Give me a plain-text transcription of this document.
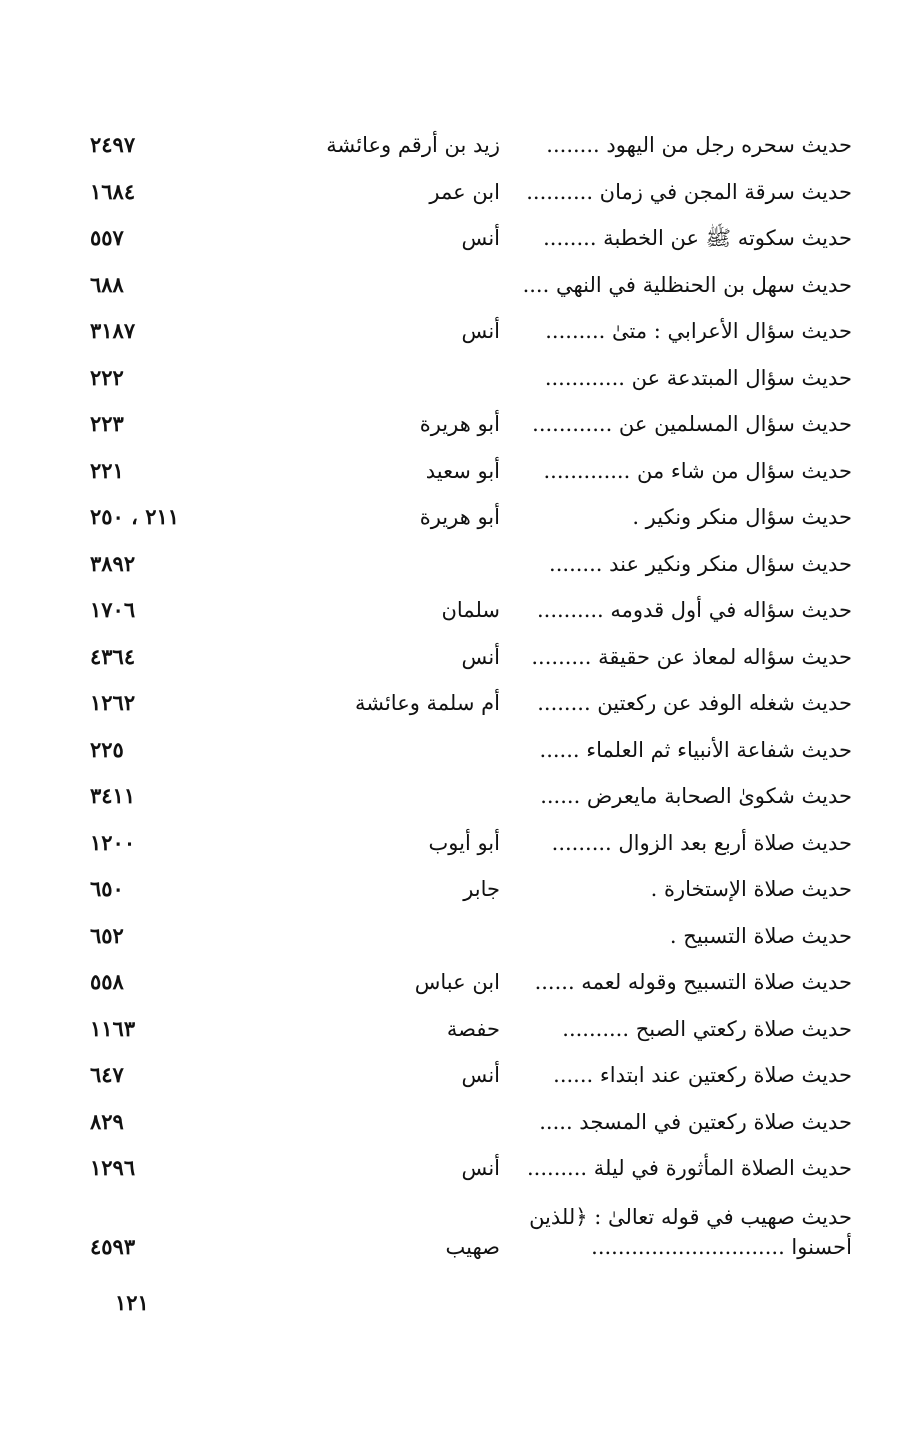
حديث سحره رجل من اليهود ........
زيد بن أرقم وعائشة
٢٤٩٧
حديث سرقة المجن في زمان ..........
ابن عمر
١٦٨٤
حديث سكوته ﷺ عن الخطبة ........
أنس
٥٥٧
حديث سهل بن الحنظلية في النهي ....
٦٨٨
حديث سؤال الأعرابي : متىٰ .........
أنس
٣١٨٧
حديث سؤال المبتدعة عن ............
٢٢٢
حديث سؤال المسلمين عن ............
أبو هريرة
٢٢٣
حديث سؤال من شاء من .............
أبو سعيد
٢٢١
حديث سؤال منكر ونكير .
أبو هريرة
٢١١ ، ٢٥٠
حديث سؤال منكر ونكير عند ........
٣٨٩٢
حديث سؤاله في أول قدومه ..........
سلمان
١٧٠٦
حديث سؤاله لمعاذ عن حقيقة .........
أنس
٤٣٦٤
حديث شغله الوفد عن ركعتين ........
أم سلمة وعائشة
١٢٦٢
حديث شفاعة الأنبياء ثم العلماء ......
٢٢٥
حديث شكوىٰ الصحابة مايعرض ......
٣٤١١
حديث صلاة أربع بعد الزوال .........
أبو أيوب
١٢٠٠
حديث صلاة الإستخارة .
جابر
٦٥٠
حديث صلاة التسبيح .
٦٥٢
حديث صلاة التسبيح وقوله لعمه ......
ابن عباس
٥٥٨
حديث صلاة ركعتي الصبح ..........
حفصة
١١٦٣
حديث صلاة ركعتين عند ابتداء ......
أنس
٦٤٧
حديث صلاة ركعتين في المسجد .....
٨٢٩
حديث الصلاة المأثورة في ليلة .........
أنس
١٢٩٦
حديث صهيب في قوله تعالىٰ : ﴿للذين أحسنوا .............................
صهيب
٤٥٩٣
١٢١
